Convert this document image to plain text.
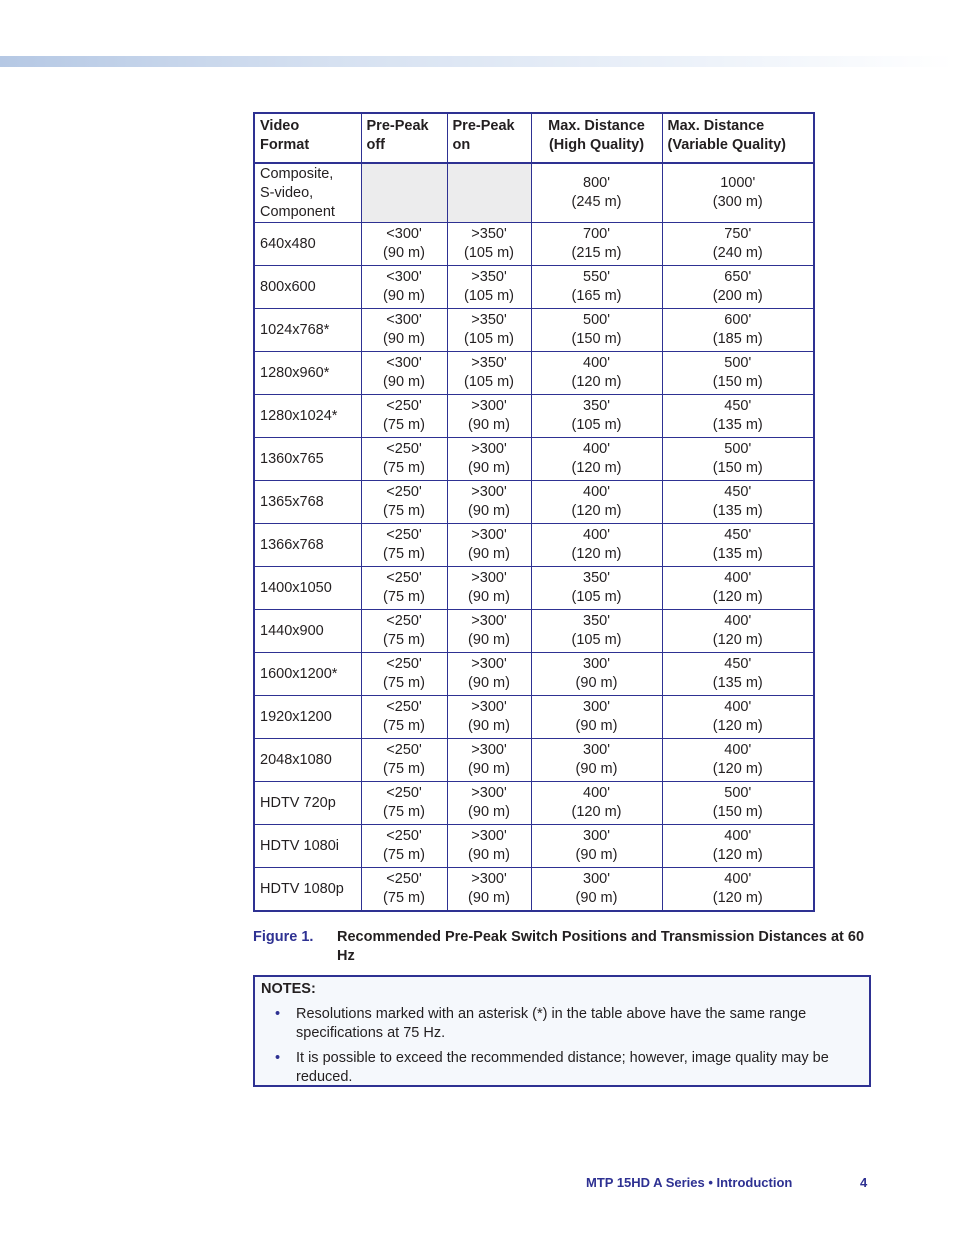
Video
Format	Pre-Peak
off	Pre-Peak
on	Max. Distance
(High Quality)	Max. Distance
(Variable Quality)
Composite,
S-video,
Component			800'
(245 m)	1000'
(300 m)
640x480	<300'
(90 m)	>350'
(105 m)	700'
(215 m)	750'
(240 m)
800x600	<300'
(90 m)	>350'
(105 m)	550'
(165 m)	650'
(200 m)
1024x768*	<300'
(90 m)	>350'
(105 m)	500'
(150 m)	600'
(185 m)
1280x960*	<300'
(90 m)	>350'
(105 m)	400'
(120 m)	500'
(150 m)
1280x1024*	<250'
(75 m)	>300'
(90 m)	350'
(105 m)	450'
(135 m)
1360x765	<250'
(75 m)	>300'
(90 m)	400'
(120 m)	500'
(150 m)
1365x768	<250'
(75 m)	>300'
(90 m)	400'
(120 m)	450'
(135 m)
1366x768	<250'
(75 m)	>300'
(90 m)	400'
(120 m)	450'
(135 m)
1400x1050	<250'
(75 m)	>300'
(90 m)	350'
(105 m)	400'
(120 m)
1440x900	<250'
(75 m)	>300'
(90 m)	350'
(105 m)	400'
(120 m)
1600x1200*	<250'
(75 m)	>300'
(90 m)	300'
(90 m)	450'
(135 m)
1920x1200	<250'
(75 m)	>300'
(90 m)	300'
(90 m)	400'
(120 m)
2048x1080	<250'
(75 m)	>300'
(90 m)	300'
(90 m)	400'
(120 m)
HDTV 720p	<250'
(75 m)	>300'
(90 m)	400'
(120 m)	500'
(150 m)
HDTV 1080i	<250'
(75 m)	>300'
(90 m)	300'
(90 m)	400'
(120 m)
HDTV 1080p	<250'
(75 m)	>300'
(90 m)	300'
(90 m)	400'
(120 m)
Figure 1. Recommended Pre-Peak Switch Positions and Transmission Distances at 60 Hz
NOTES:
• Resolutions marked with an asterisk (*) in the table above have the same range specifications at 75 Hz.
• It is possible to exceed the recommended distance; however, image quality may be reduced.
MTP 15HD A Series • Introduction	4
